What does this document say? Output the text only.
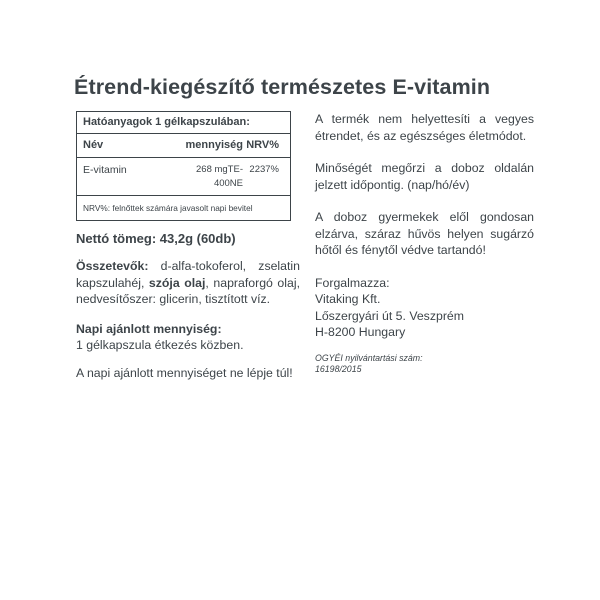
Étrend-kiegészítő természetes E-vitamin
Hatóanyagok 1 gélkapszulában:
Név	mennyiség NRV%
E-vitamin	268 mgTE-
400NE
2237%
NRV%: felnőttek számára javasolt napi bevitel
Nettó tömeg: 43,2g (60db)
Összetevők: d-alfa-tokoferol, zselatin kapszulahéj, szója olaj, napraforgó olaj, nedvesítőszer: glicerin, tisztított víz.
Napi ajánlott mennyiség:
1 gélkapszula étkezés közben.
A napi ajánlott mennyiséget ne lépje túl!

A termék nem helyettesíti a vegyes étrendet, és az egészséges életmódot.

Minőségét megőrzi a doboz oldalán jelzett időpontig. (nap/hó/év)

A doboz gyermekek elől gondosan elzárva, száraz hűvös helyen sugárzó hőtől és fénytől védve tartandó!

Forgalmazza:
Vitaking Kft.
Lőszergyári út 5. Veszprém
H-8200 Hungary

OGYÉI nyilvántartási szám:
16198/2015
